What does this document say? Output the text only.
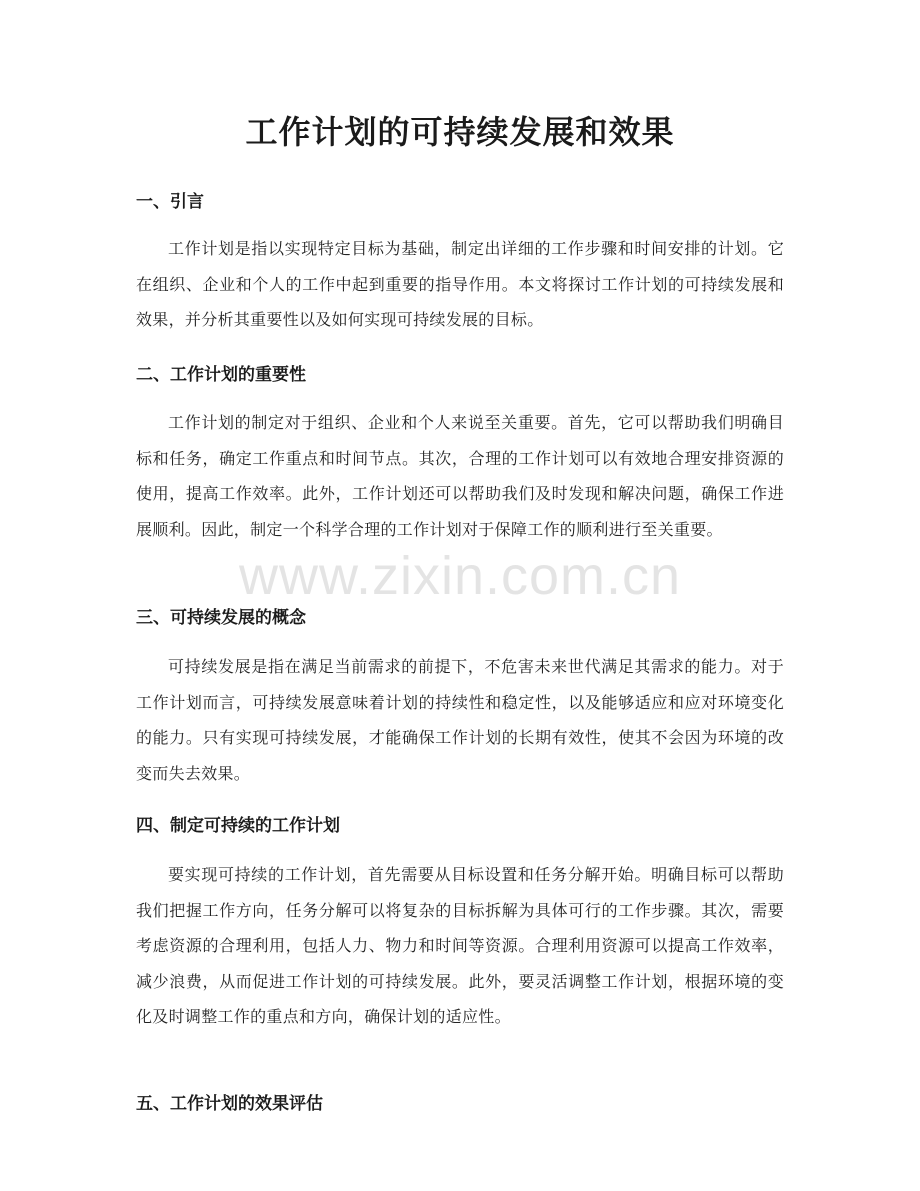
工作计划的可持续发展和效果
一、引言

工作计划是指以实现特定目标为基础，制定出详细的工作步骤和时间安排的计划。它在组织、企业和个人的工作中起到重要的指导作用。本文将探讨工作计划的可持续发展和效果，并分析其重要性以及如何实现可持续发展的目标。

二、工作计划的重要性

工作计划的制定对于组织、企业和个人来说至关重要。首先，它可以帮助我们明确目标和任务，确定工作重点和时间节点。其次，合理的工作计划可以有效地合理安排资源的使用，提高工作效率。此外，工作计划还可以帮助我们及时发现和解决问题，确保工作进展顺利。因此，制定一个科学合理的工作计划对于保障工作的顺利进行至关重要。

三、可持续发展的概念

可持续发展是指在满足当前需求的前提下，不危害未来世代满足其需求的能力。对于工作计划而言，可持续发展意味着计划的持续性和稳定性，以及能够适应和应对环境变化的能力。只有实现可持续发展，才能确保工作计划的长期有效性，使其不会因为环境的改变而失去效果。

四、制定可持续的工作计划

要实现可持续的工作计划，首先需要从目标设置和任务分解开始。明确目标可以帮助我们把握工作方向，任务分解可以将复杂的目标拆解为具体可行的工作步骤。其次，需要考虑资源的合理利用，包括人力、物力和时间等资源。合理利用资源可以提高工作效率，减少浪费，从而促进工作计划的可持续发展。此外，要灵活调整工作计划，根据环境的变化及时调整工作的重点和方向，确保计划的适应性。

五、工作计划的效果评估
www.zixin.com.cn
